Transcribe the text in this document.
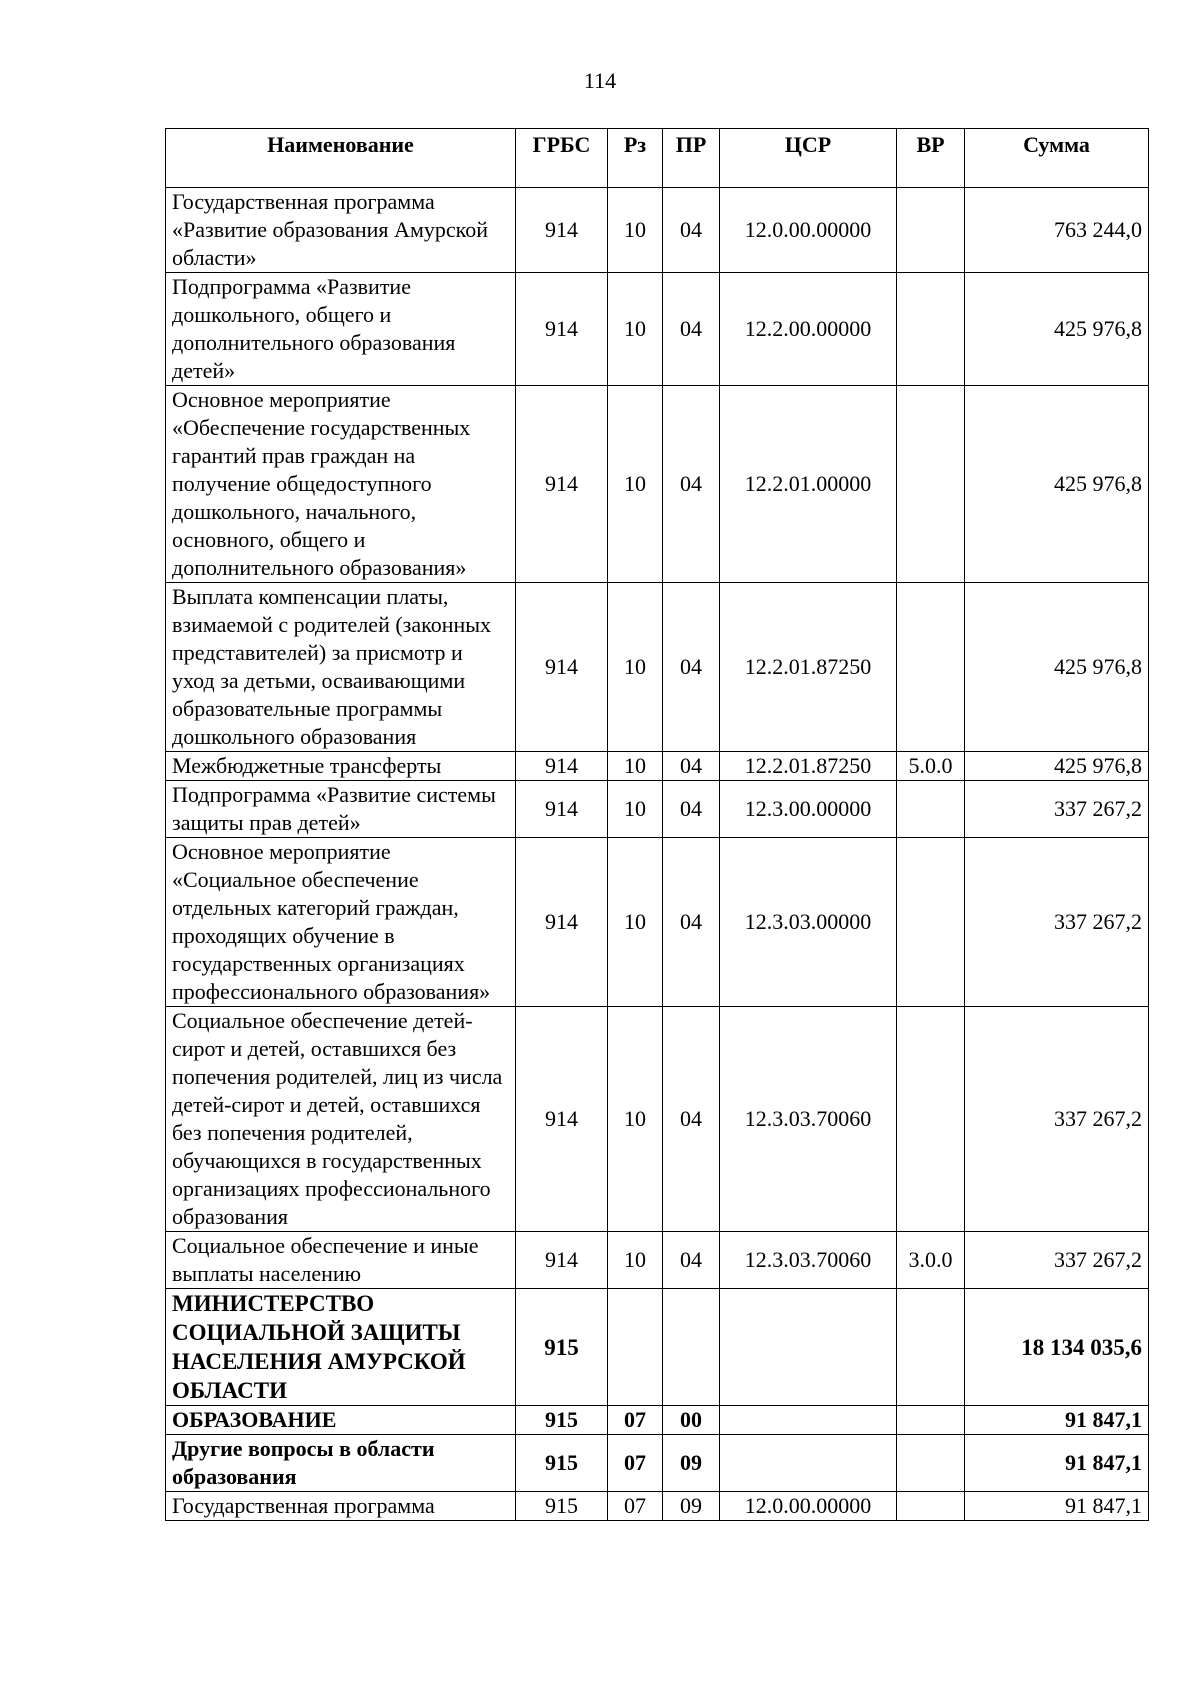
114
Наименование	ГРБС	Рз	ПР	ЦСР	ВР	Сумма
Государственная программа «Развитие образования Амурской области»	914	10	04	12.0.00.00000		763 244,0
Подпрограмма «Развитие дошкольного, общего и дополнительного образования детей»	914	10	04	12.2.00.00000		425 976,8
Основное мероприятие «Обеспечение государственных гарантий прав граждан на получение общедоступного дошкольного, начального, основного, общего и дополнительного образования»	914	10	04	12.2.01.00000		425 976,8
Выплата компенсации платы, взимаемой с родителей (законных представителей) за присмотр и уход за детьми, осваивающими образовательные программы дошкольного образования	914	10	04	12.2.01.87250		425 976,8
Межбюджетные трансферты	914	10	04	12.2.01.87250	5.0.0	425 976,8
Подпрограмма «Развитие системы защиты прав детей»	914	10	04	12.3.00.00000		337 267,2
Основное мероприятие «Социальное обеспечение отдельных категорий граждан, проходящих обучение в государственных организациях профессионального образования»	914	10	04	12.3.03.00000		337 267,2
Социальное обеспечение детей-сирот и детей, оставшихся без попечения родителей, лиц из числа детей-сирот и детей, оставшихся без попечения родителей, обучающихся в государственных организациях профессионального образования	914	10	04	12.3.03.70060		337 267,2
Социальное обеспечение и иные выплаты населению	914	10	04	12.3.03.70060	3.0.0	337 267,2
МИНИСТЕРСТВО СОЦИАЛЬНОЙ ЗАЩИТЫ НАСЕЛЕНИЯ АМУРСКОЙ ОБЛАСТИ	915					18 134 035,6
ОБРАЗОВАНИЕ	915	07	00			91 847,1
Другие вопросы в области образования	915	07	09			91 847,1
Государственная программа	915	07	09	12.0.00.00000		91 847,1
